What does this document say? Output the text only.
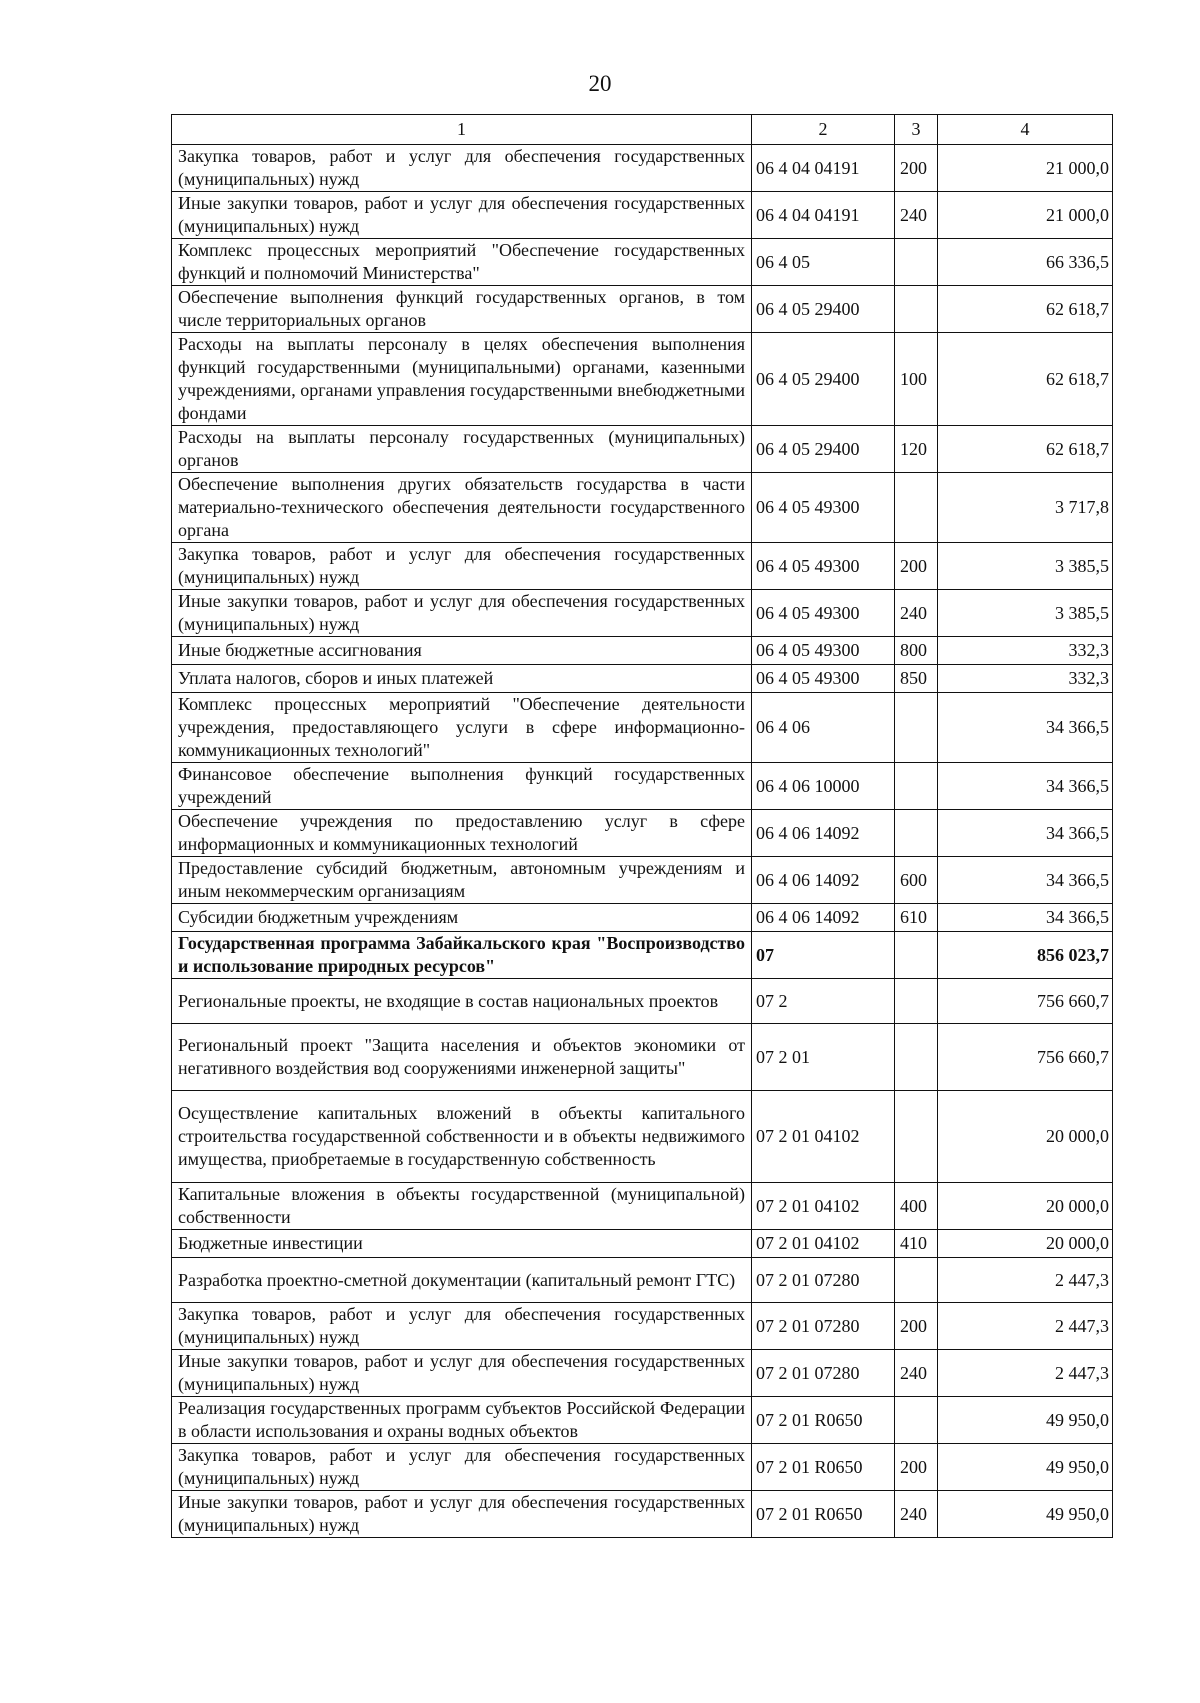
20
1	2	3	4
Закупка товаров, работ и услуг для обеспечения государственных (муниципальных) нужд	06 4 04 04191	200	21 000,0
Иные закупки товаров, работ и услуг для обеспечения государственных (муниципальных) нужд	06 4 04 04191	240	21 000,0
Комплекс процессных мероприятий "Обеспечение государственных функций и полномочий Министерства"	06 4 05		66 336,5
Обеспечение выполнения функций государственных органов, в том числе территориальных органов	06 4 05 29400		62 618,7
Расходы на выплаты персоналу в целях обеспечения выполнения функций государственными (муниципальными) органами, казенными учреждениями, органами управления государственными внебюджетными фондами	06 4 05 29400	100	62 618,7
Расходы на выплаты персоналу государственных (муниципальных) органов	06 4 05 29400	120	62 618,7
Обеспечение выполнения других обязательств государства в части материально-технического обеспечения деятельности государственного органа	06 4 05 49300		3 717,8
Закупка товаров, работ и услуг для обеспечения государственных (муниципальных) нужд	06 4 05 49300	200	3 385,5
Иные закупки товаров, работ и услуг для обеспечения государственных (муниципальных) нужд	06 4 05 49300	240	3 385,5
Иные бюджетные ассигнования	06 4 05 49300	800	332,3
Уплата налогов, сборов и иных платежей	06 4 05 49300	850	332,3
Комплекс процессных мероприятий "Обеспечение деятельности учреждения, предоставляющего услуги в сфере информационно-коммуникационных технологий"	06 4 06		34 366,5
Финансовое обеспечение выполнения функций государственных учреждений	06 4 06 10000		34 366,5
Обеспечение учреждения по предоставлению услуг в сфере информационных и коммуникационных технологий	06 4 06 14092		34 366,5
Предоставление субсидий бюджетным, автономным учреждениям и иным некоммерческим организациям	06 4 06 14092	600	34 366,5
Субсидии бюджетным учреждениям	06 4 06 14092	610	34 366,5
Государственная программа Забайкальского края "Воспроизводство и использование природных ресурсов"	07		856 023,7
Региональные проекты, не входящие в состав национальных проектов	07 2		756 660,7
Региональный проект "Защита населения и объектов экономики от негативного воздействия вод сооружениями инженерной защиты"	07 2 01		756 660,7
Осуществление капитальных вложений в объекты капитального строительства государственной собственности и в объекты недвижимого имущества, приобретаемые в государственную собственность	07 2 01 04102		20 000,0
Капитальные вложения в объекты государственной (муниципальной) собственности	07 2 01 04102	400	20 000,0
Бюджетные инвестиции	07 2 01 04102	410	20 000,0
Разработка проектно-сметной документации (капитальный ремонт ГТС)	07 2 01 07280		2 447,3
Закупка товаров, работ и услуг для обеспечения государственных (муниципальных) нужд	07 2 01 07280	200	2 447,3
Иные закупки товаров, работ и услуг для обеспечения государственных (муниципальных) нужд	07 2 01 07280	240	2 447,3
Реализация государственных программ субъектов Российской Федерации в области использования и охраны водных объектов	07 2 01 R0650		49 950,0
Закупка товаров, работ и услуг для обеспечения государственных (муниципальных) нужд	07 2 01 R0650	200	49 950,0
Иные закупки товаров, работ и услуг для обеспечения государственных (муниципальных) нужд	07 2 01 R0650	240	49 950,0
